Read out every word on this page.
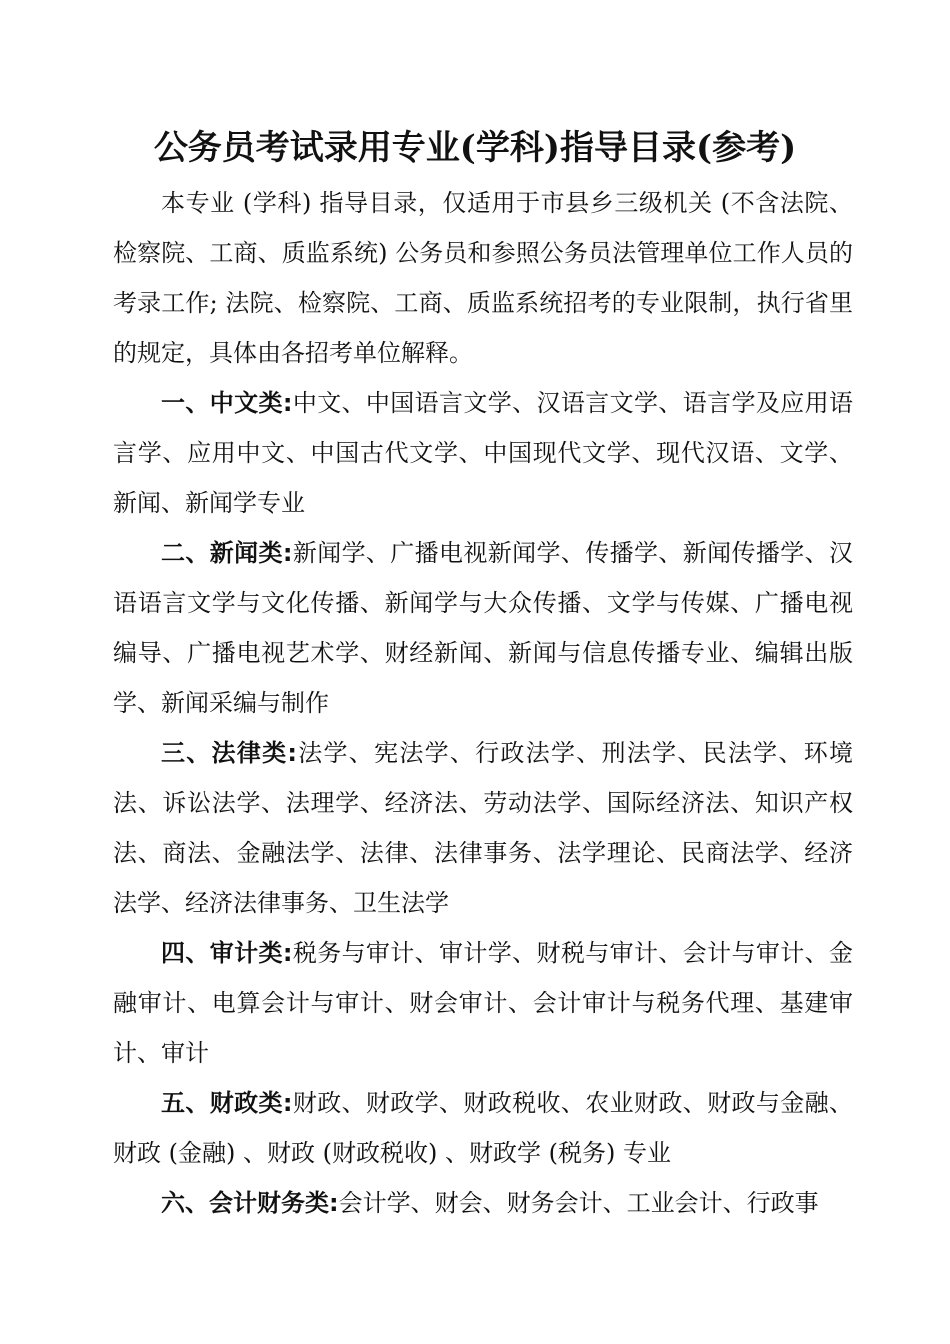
公务员考试录用专业(学科)指导目录(参考)

本专业 (学科) 指导目录，仅适用于市县乡三级机关 (不含法院、检察院、工商、质监系统) 公务员和参照公务员法管理单位工作人员的考录工作; 法院、检察院、工商、质监系统招考的专业限制，执行省里的规定，具体由各招考单位解释。

一、中文类:中文、中国语言文学、汉语言文学、语言学及应用语言学、应用中文、中国古代文学、中国现代文学、现代汉语、文学、新闻、新闻学专业

二、新闻类:新闻学、广播电视新闻学、传播学、新闻传播学、汉语语言文学与文化传播、新闻学与大众传播、文学与传媒、广播电视编导、广播电视艺术学、财经新闻、新闻与信息传播专业、编辑出版学、新闻采编与制作

三、法律类:法学、宪法学、行政法学、刑法学、民法学、环境法、诉讼法学、法理学、经济法、劳动法学、国际经济法、知识产权法、商法、金融法学、法律、法律事务、法学理论、民商法学、经济法学、经济法律事务、卫生法学

四、审计类:税务与审计、审计学、财税与审计、会计与审计、金融审计、电算会计与审计、财会审计、会计审计与税务代理、基建审计、审计

五、财政类:财政、财政学、财政税收、农业财政、财政与金融、财政 (金融) 、财政 (财政税收) 、财政学 (税务) 专业

六、会计财务类:会计学、财会、财务会计、工业会计、行政事
